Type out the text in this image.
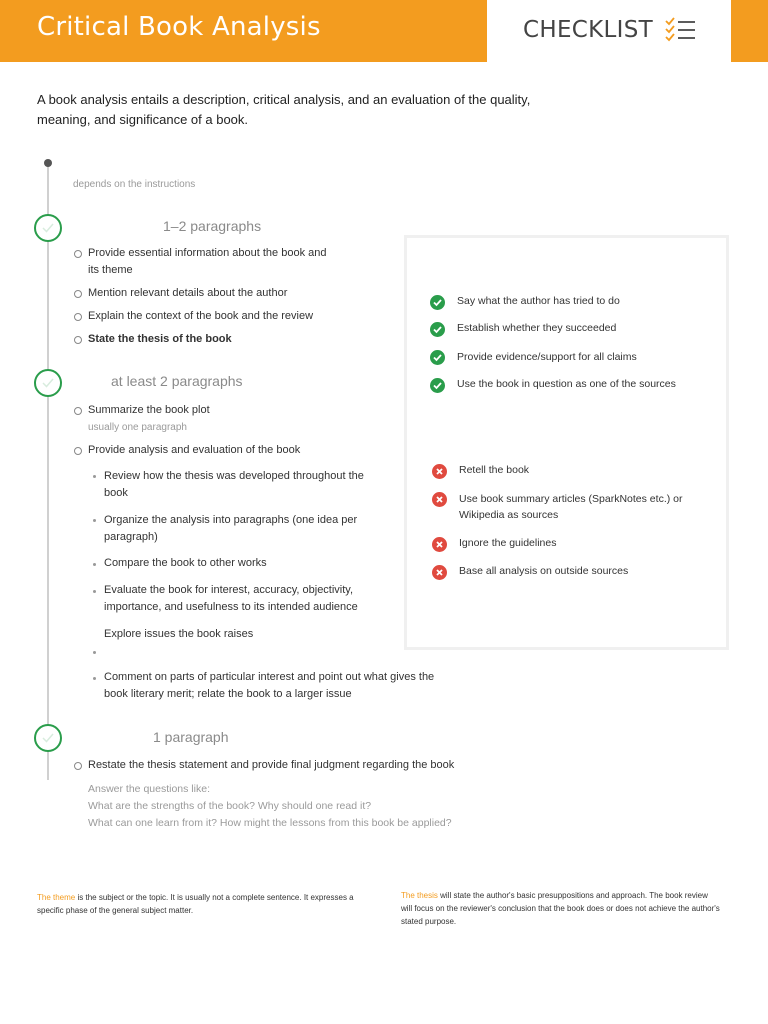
Critical Book Analysis	CHECKLIST
A book analysis entails a description, critical analysis, and an evaluation of the quality, meaning, and significance of a book.
depends on the instructions
1–2 paragraphs
Provide essential information about the book and its theme
Mention relevant details about the author
Explain the context of the book and the review
State the thesis of the book
at least 2 paragraphs
Summarize the book plot
usually one paragraph
Provide analysis and evaluation of the book
Review how the thesis was developed throughout the book
Organize the analysis into paragraphs (one idea per paragraph)
Compare the book to other works
Evaluate the book for interest, accuracy, objectivity, importance, and usefulness to its intended audience
Explore issues the book raises
Comment on parts of particular interest and point out what gives the book literary merit; relate the book to a larger issue
1 paragraph
Restate the thesis statement and provide final judgment regarding the book
Answer the questions like:
What are the strengths of the book? Why should one read it?
What can one learn from it? How might the lessons from this book be applied?
Say what the author has tried to do
Establish whether they succeeded
Provide evidence/support for all claims
Use the book in question as one of the sources
Retell the book
Use book summary articles (SparkNotes etc.) or Wikipedia as sources
Ignore the guidelines
Base all analysis on outside sources
The theme is the subject or the topic. It is usually not a complete sentence. It expresses a specific phase of the general subject matter.
The thesis will state the author's basic presuppositions and approach. The book review will focus on the reviewer's conclusion that the book does or does not achieve the author's stated purpose.
